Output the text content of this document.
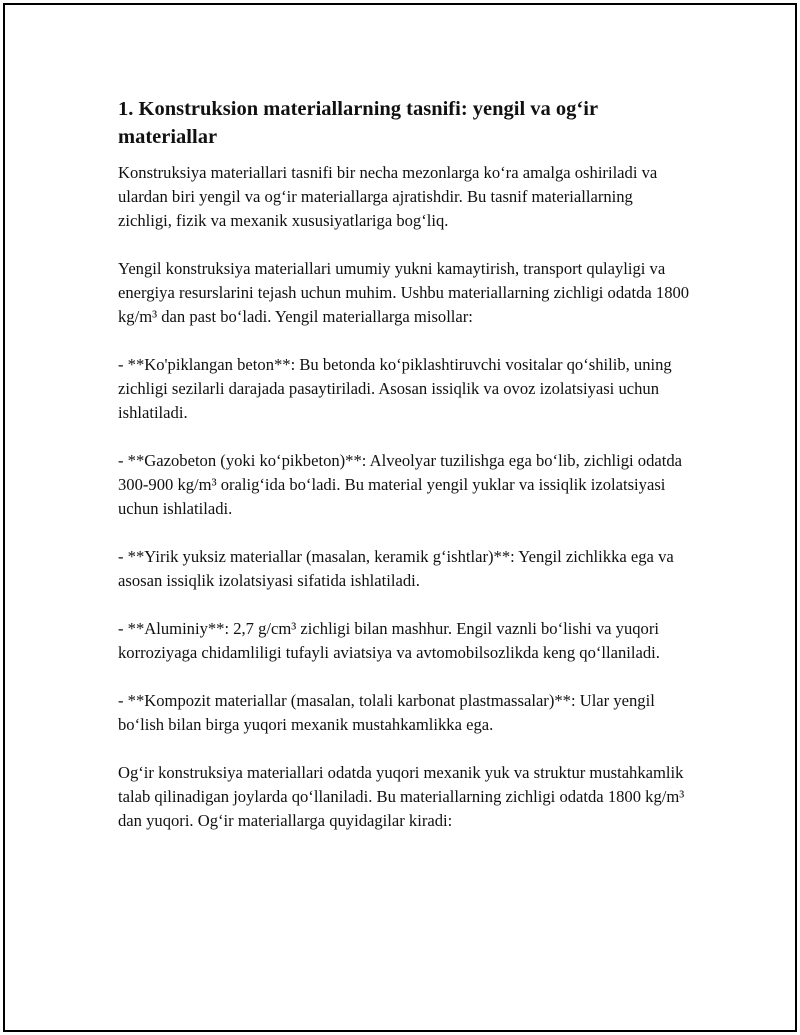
1. Konstruksion materiallarning tasnifi: yengil va og‘ir materiallar

Konstruksiya materiallari tasnifi bir necha mezonlarga ko‘ra amalga oshiriladi va ulardan biri yengil va og‘ir materiallarga ajratishdir. Bu tasnif materiallarning zichligi, fizik va mexanik xususiyatlariga bog‘liq.

Yengil konstruksiya materiallari umumiy yukni kamaytirish, transport qulayligi va energiya resurslarini tejash uchun muhim. Ushbu materiallarning zichligi odatda 1800 kg/m³ dan past bo‘ladi. Yengil materiallarga misollar:

- **Ko'piklangan beton**: Bu betonda ko‘piklashtiruvchi vositalar qo‘shilib, uning zichligi sezilarli darajada pasaytiriladi. Asosan issiqlik va ovoz izolatsiyasi uchun ishlatiladi.

- **Gazobeton (yoki ko‘pikbeton)**: Alveolyar tuzilishga ega bo‘lib, zichligi odatda 300-900 kg/m³ oralig‘ida bo‘ladi. Bu material yengil yuklar va issiqlik izolatsiyasi uchun ishlatiladi.

- **Yirik yuksiz materiallar (masalan, keramik g‘ishtlar)**: Yengil zichlikka ega va asosan issiqlik izolatsiyasi sifatida ishlatiladi.

- **Aluminiy**: 2,7 g/cm³ zichligi bilan mashhur. Engil vaznli bo‘lishi va yuqori korroziyaga chidamliligi tufayli aviatsiya va avtomobilsozlikda keng qo‘llaniladi.

- **Kompozit materiallar (masalan, tolali karbonat plastmassalar)**: Ular yengil bo‘lish bilan birga yuqori mexanik mustahkamlikka ega.

Og‘ir konstruksiya materiallari odatda yuqori mexanik yuk va struktur mustahkamlik talab qilinadigan joylarda qo‘llaniladi. Bu materiallarning zichligi odatda 1800 kg/m³ dan yuqori. Og‘ir materiallarga quyidagilar kiradi:
